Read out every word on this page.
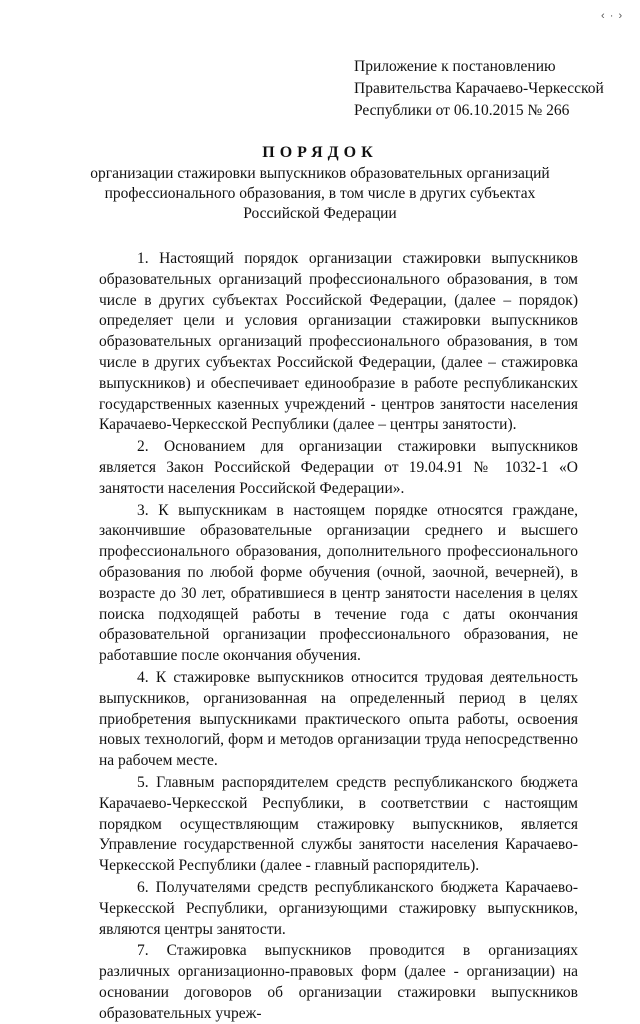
‹ · ›
Приложение к постановлению
Правительства Карачаево-Черкесской
Республики от 06.10.2015 № 266
ПОРЯДОК
организации стажировки выпускников образовательных организаций
профессионального образования, в том числе в других субъектах
Российской Федерации

1. Настоящий порядок организации стажировки выпускников образовательных организаций профессионального образования, в том числе в других субъектах Российской Федерации, (далее – порядок) определяет цели и условия организации стажировки выпускников образовательных организаций профессионального образования, в том числе в других субъектах Российской Федерации, (далее – стажировка выпускников) и обеспечивает единообразие в работе республиканских государственных казенных учреждений - центров занятости населения Карачаево-Черкесской Республики (далее – центры занятости).

2. Основанием для организации стажировки выпускников является Закон Российской Федерации от 19.04.91 № 1032-1 «О занятости населения Российской Федерации».

3. К выпускникам в настоящем порядке относятся граждане, закончившие образовательные организации среднего и высшего профессионального образования, дополнительного профессионального образования по любой форме обучения (очной, заочной, вечерней), в возрасте до 30 лет, обратившиеся в центр занятости населения в целях поиска подходящей работы в течение года с даты окончания образовательной организации профессионального образования, не работавшие после окончания обучения.

4. К стажировке выпускников относится трудовая деятельность выпускников, организованная на определенный период в целях приобретения выпускниками практического опыта работы, освоения новых технологий, форм и методов организации труда непосредственно на рабочем месте.

5. Главным распорядителем средств республиканского бюджета Карачаево-Черкесской Республики, в соответствии с настоящим порядком осуществляющим стажировку выпускников, является Управление государственной службы занятости населения Карачаево-Черкесской Республики (далее - главный распорядитель).

6. Получателями средств республиканского бюджета Карачаево-Черкесской Республики, организующими стажировку выпускников, являются центры занятости.

7. Стажировка выпускников проводится в организациях различных организационно-правовых форм (далее - организации) на основании договоров об организации стажировки выпускников образовательных учреж-
